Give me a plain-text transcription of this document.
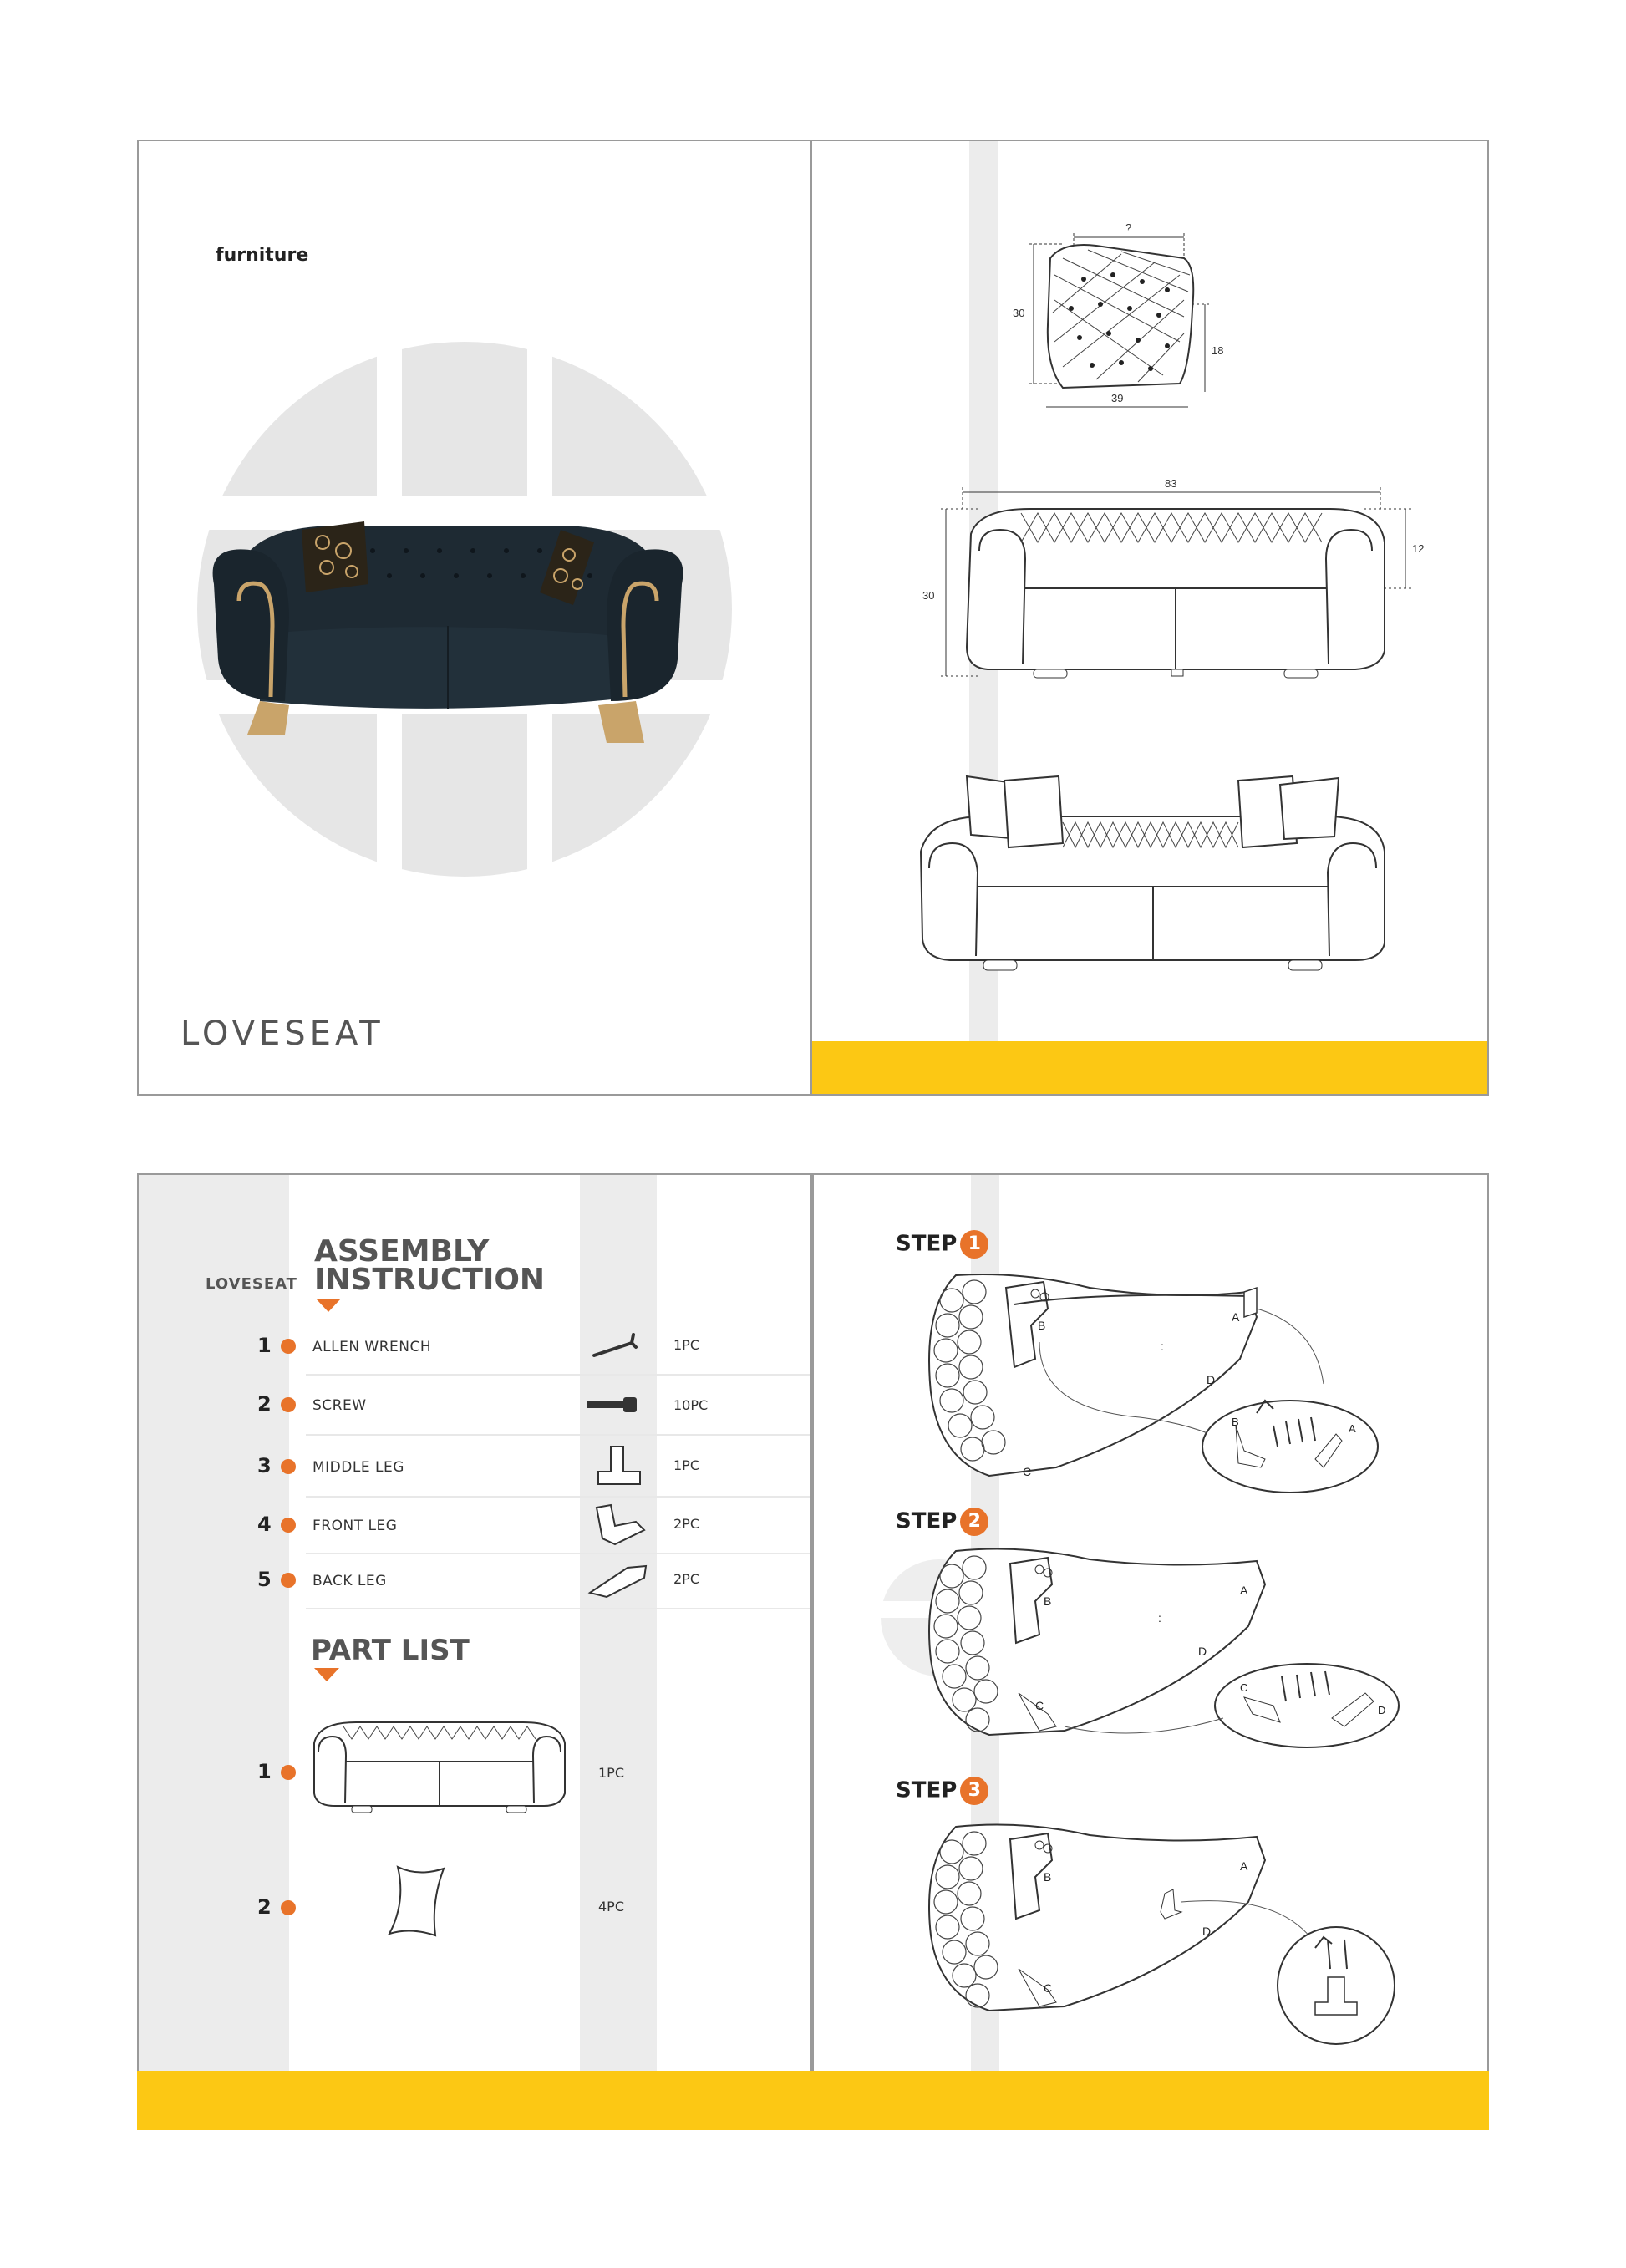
furniture
LOVESEAT
?
30
18
39
83
30
12
LOVESEAT
ASSEMBLY
INSTRUCTION
1	ALLEN WRENCH	1PC
2	SCREW	10PC
3	MIDDLE LEG	1PC
4	FRONT LEG	2PC
5	BACK LEG	2PC
PART LIST
1	1PC
2	4PC
STEP 1
B
A
C
D
:
B
A
STEP 2
B
A
C
D
:
C
D
STEP 3
B
A
C
D
